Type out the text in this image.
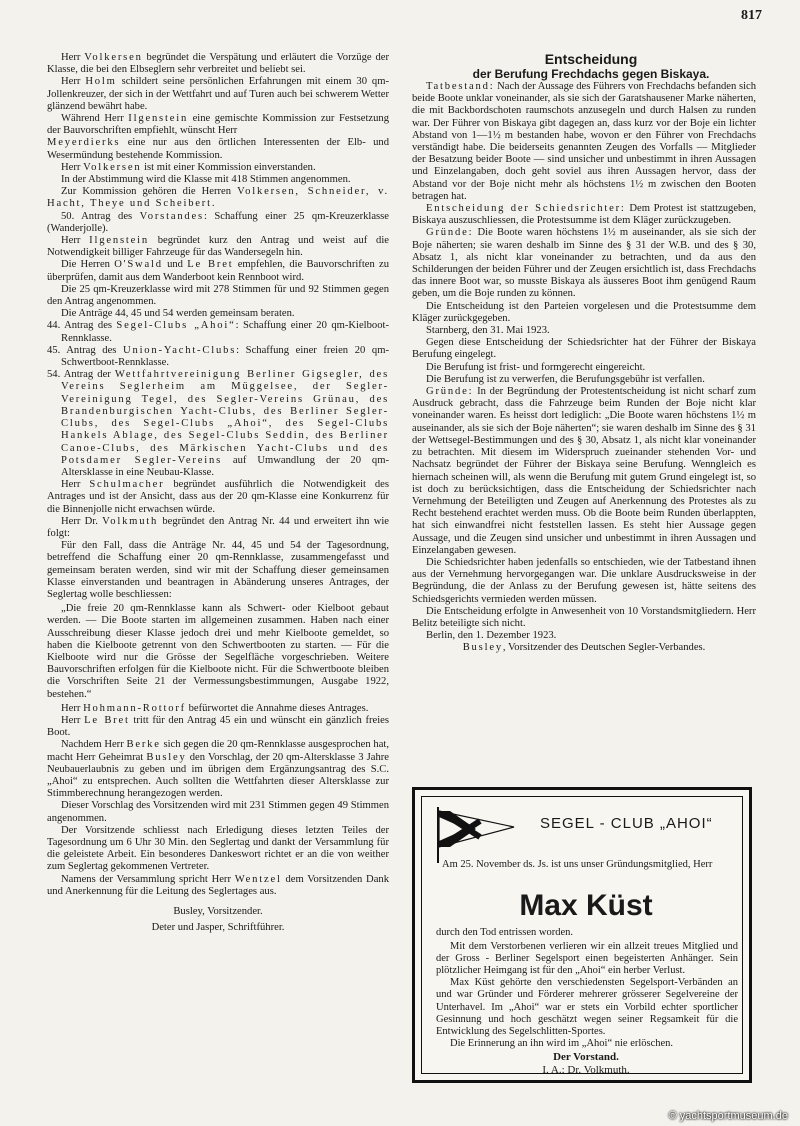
817

Herr Volkersen begründet die Verspätung und erläutert die Vorzüge der Klasse, die bei den Elbseglern sehr verbreitet und beliebt sei.

Herr Holm schildert seine persönlichen Erfahrungen mit einem 30 qm-Jollenkreuzer, der sich in der Wettfahrt und auf Turen auch bei schwerem Wetter glänzend bewährt habe.

Während Herr Ilgenstein eine gemischte Kommission zur Festsetzung der Bauvorschriften empfiehlt, wünscht Herr

Meyerdierks eine nur aus den örtlichen Interessenten der Elb- und Wesermündung bestehende Kommission.

Herr Volkersen ist mit einer Kommission einverstanden.

In der Abstimmung wird die Klasse mit 418 Stimmen angenommen.

Zur Kommission gehören die Herren Volkersen, Schneider, v. Hacht, Theye und Scheibert.

50. Antrag des Vorstandes: Schaffung einer 25 qm-Kreuzerklasse (Wanderjolle).

Herr Ilgenstein begründet kurz den Antrag und weist auf die Notwendigkeit billiger Fahrzeuge für das Wandersegeln hin.

Die Herren O'Swald und Le Bret empfehlen, die Bauvorschriften zu überprüfen, damit aus dem Wanderboot kein Rennboot wird.

Die 25 qm-Kreuzerklasse wird mit 278 Stimmen für und 92 Stimmen gegen den Antrag angenommen.

Die Anträge 44, 45 und 54 werden gemeinsam beraten.

44. Antrag des Segel-Clubs „Ahoi“: Schaffung einer 20 qm-Kielboot-Rennklasse.

45. Antrag des Union-Yacht-Clubs: Schaffung einer freien 20 qm-Schwertboot-Rennklasse.

54. Antrag der Wettfahrtvereinigung Berliner Gigsegler, des Vereins Seglerheim am Müggelsee, der Segler-Vereinigung Tegel, des Segler-Vereins Grünau, des Brandenburgischen Yacht-Clubs, des Berliner Segler-Clubs, des Segel-Clubs „Ahoi“, des Segel-Clubs Hankels Ablage, des Segel-Clubs Seddin, des Berliner Canoe-Clubs, des Märkischen Yacht-Clubs und des Potsdamer Segler-Vereins auf Umwandlung der 20 qm-Altersklasse in eine Neubau-Klasse.

Herr Schulmacher begründet ausführlich die Notwendigkeit des Antrages und ist der Ansicht, dass aus der 20 qm-Klasse eine Konkurrenz für die Binnenjolle nicht erwachsen würde.

Herr Dr. Volkmuth begründet den Antrag Nr. 44 und erweitert ihn wie folgt:

Für den Fall, dass die Anträge Nr. 44, 45 und 54 der Tagesordnung, betreffend die Schaffung einer 20 qm-Rennklasse, zusammengefasst und gemeinsam beraten werden, sind wir mit der Schaffung dieser gemeinsamen Klasse einverstanden und beantragen in Abänderung unseres Antrages, der Seglertag wolle beschliessen:

„Die freie 20 qm-Rennklasse kann als Schwert- oder Kielboot gebaut werden. — Die Boote starten im allgemeinen zusammen. Haben nach einer Ausschreibung dieser Klasse jedoch drei und mehr Kielboote gemeldet, so haben die Kielboote getrennt von den Schwertbooten zu starten. — Für die Kielboote wird nur die Grösse der Segelfläche vorgeschrieben. Weitere Bauvorschriften erfolgen für die Kielboote nicht. Für die Schwertboote bleiben die Vorschriften Seite 21 der Vermessungsbestimmungen, Ausgabe 1922, bestehen.“

Herr Hohmann-Rottorf befürwortet die Annahme dieses Antrages.

Herr Le Bret tritt für den Antrag 45 ein und wünscht ein gänzlich freies Boot.

Nachdem Herr Berke sich gegen die 20 qm-Rennklasse ausgesprochen hat, macht Herr Geheimrat Busley den Vorschlag, der 20 qm-Altersklasse 3 Jahre Neubauerlaubnis zu geben und im übrigen dem Ergänzungsantrag des S.C. „Ahoi“ zu entsprechen. Auch sollten die Wettfahrten dieser Altersklasse zur Stimmberechnung herangezogen werden.

Dieser Vorschlag des Vorsitzenden wird mit 231 Stimmen gegen 49 Stimmen angenommen.

Der Vorsitzende schliesst nach Erledigung dieses letzten Teiles der Tagesordnung um 6 Uhr 30 Min. den Seglertag und dankt der Versammlung für die geleistete Arbeit. Ein besonderes Dankeswort richtet er an die von weither zum Seglertag gekommenen Vertreter.

Namens der Versammlung spricht Herr Wentzel dem Vorsitzenden Dank und Anerkennung für die Leitung des Seglertages aus.

Busley, Vorsitzender.

Deter und Jasper, Schriftführer.

Entscheidung

der Berufung Frechdachs gegen Biskaya.

Tatbestand: Nach der Aussage des Führers von Frechdachs befanden sich beide Boote unklar voneinander, als sie sich der Garatshausener Marke näherten, die mit Backbordschoten raumschots anzusegeln und durch Halsen zu runden war. Der Führer von Biskaya gibt dagegen an, dass kurz vor der Boje ein lichter Abstand von 1—1½ m bestanden habe, wovon er den Führer von Frechdachs verständigt habe. Die beiderseits genannten Zeugen des Vorfalls — Mitglieder der Besatzung beider Boote — sind unsicher und unbestimmt in ihren Aussagen und Einzelangaben, doch geht soviel aus ihren Aussagen hervor, dass der Abstand vor der Boje nicht mehr als höchstens 1½ m zwischen den Booten betragen hat.

Entscheidung der Schiedsrichter: Dem Protest ist stattzugeben, Biskaya auszuschliessen, die Protestsumme ist dem Kläger zurückzugeben.

Gründe: Die Boote waren höchstens 1½ m auseinander, als sie sich der Boje näherten; sie waren deshalb im Sinne des § 31 der W.B. und des § 30, Absatz 1, als nicht klar voneinander zu betrachten, und da aus den Schilderungen der beiden Führer und der Zeugen ersichtlich ist, dass Frechdachs das innere Boot war, so musste Biskaya als äusseres Boot ihm genügend Raum geben, um die Boje runden zu können.

Die Entscheidung ist den Parteien vorgelesen und die Protestsumme dem Kläger zurückgegeben.

Starnberg, den 31. Mai 1923.

Gegen diese Entscheidung der Schiedsrichter hat der Führer der Biskaya Berufung eingelegt.

Die Berufung ist frist- und formgerecht eingereicht.

Die Berufung ist zu verwerfen, die Berufungsgebühr ist verfallen.

Gründe: In der Begründung der Protestentscheidung ist nicht scharf zum Ausdruck gebracht, dass die Fahrzeuge beim Runden der Boje nicht klar voneinander waren. Es heisst dort lediglich: „Die Boote waren höchstens 1½ m auseinander, als sie sich der Boje näherten“; sie waren deshalb im Sinne des § 31 der Wettsegel-Bestimmungen und des § 30, Absatz 1, als nicht klar voneinander zu betrachten. Mit diesem im Widerspruch zueinander stehenden Vor- und Nachsatz begründet der Führer der Biskaya seine Berufung. Wenngleich es hiernach scheinen will, als wenn die Berufung mit gutem Grund eingelegt ist, so ist doch zu berücksichtigen, dass die Entscheidung der Schiedsrichter nach Vernehmung der Beteiligten und Zeugen auf Anerkennung des Protestes als zu Recht bestehend erachtet werden muss. Ob die Boote beim Runden überlappten, hat sich einwandfrei nicht feststellen lassen. Es steht hier Aussage gegen Aussage, und die Zeugen sind unsicher und unbestimmt in ihren Aussagen und Einzelangaben gewesen.

Die Schiedsrichter haben jedenfalls so entschieden, wie der Tatbestand ihnen aus der Vernehmung hervorgegangen war. Die unklare Ausdrucksweise in der Begründung, die der Anlass zu der Berufung gewesen ist, hätte seitens des Schiedsgerichts vermieden werden müssen.

Die Entscheidung erfolgte in Anwesenheit von 10 Vorstandsmitgliedern. Herr Belitz beteiligte sich nicht.

Berlin, den 1. Dezember 1923.

Busley, Vorsitzender des Deutschen Segler-Verbandes.

SEGEL - CLUB „AHOI“
Am 25. November ds. Js. ist uns unser Gründungsmitglied, Herr
Max Küst

durch den Tod entrissen worden.

Mit dem Verstorbenen verlieren wir ein allzeit treues Mitglied und der Gross - Berliner Segelsport einen begeisterten Anhänger. Sein plötzlicher Heimgang ist für den „Ahoi“ ein herber Verlust.

Max Küst gehörte den verschiedensten Segelsport-Verbänden an und war Gründer und Förderer mehrerer grösserer Segelvereine der Unterhavel. Im „Ahoi“ war er stets ein Vorbild echter sportlicher Gesinnung und hoch geschätzt wegen seiner Regsamkeit für die Entwicklung des Segelschlitten-Sportes.

Die Erinnerung an ihn wird im „Ahoi“ nie erlöschen.

Der Vorstand.
I. A.: Dr. Volkmuth.
© yachtsportmuseum.de
